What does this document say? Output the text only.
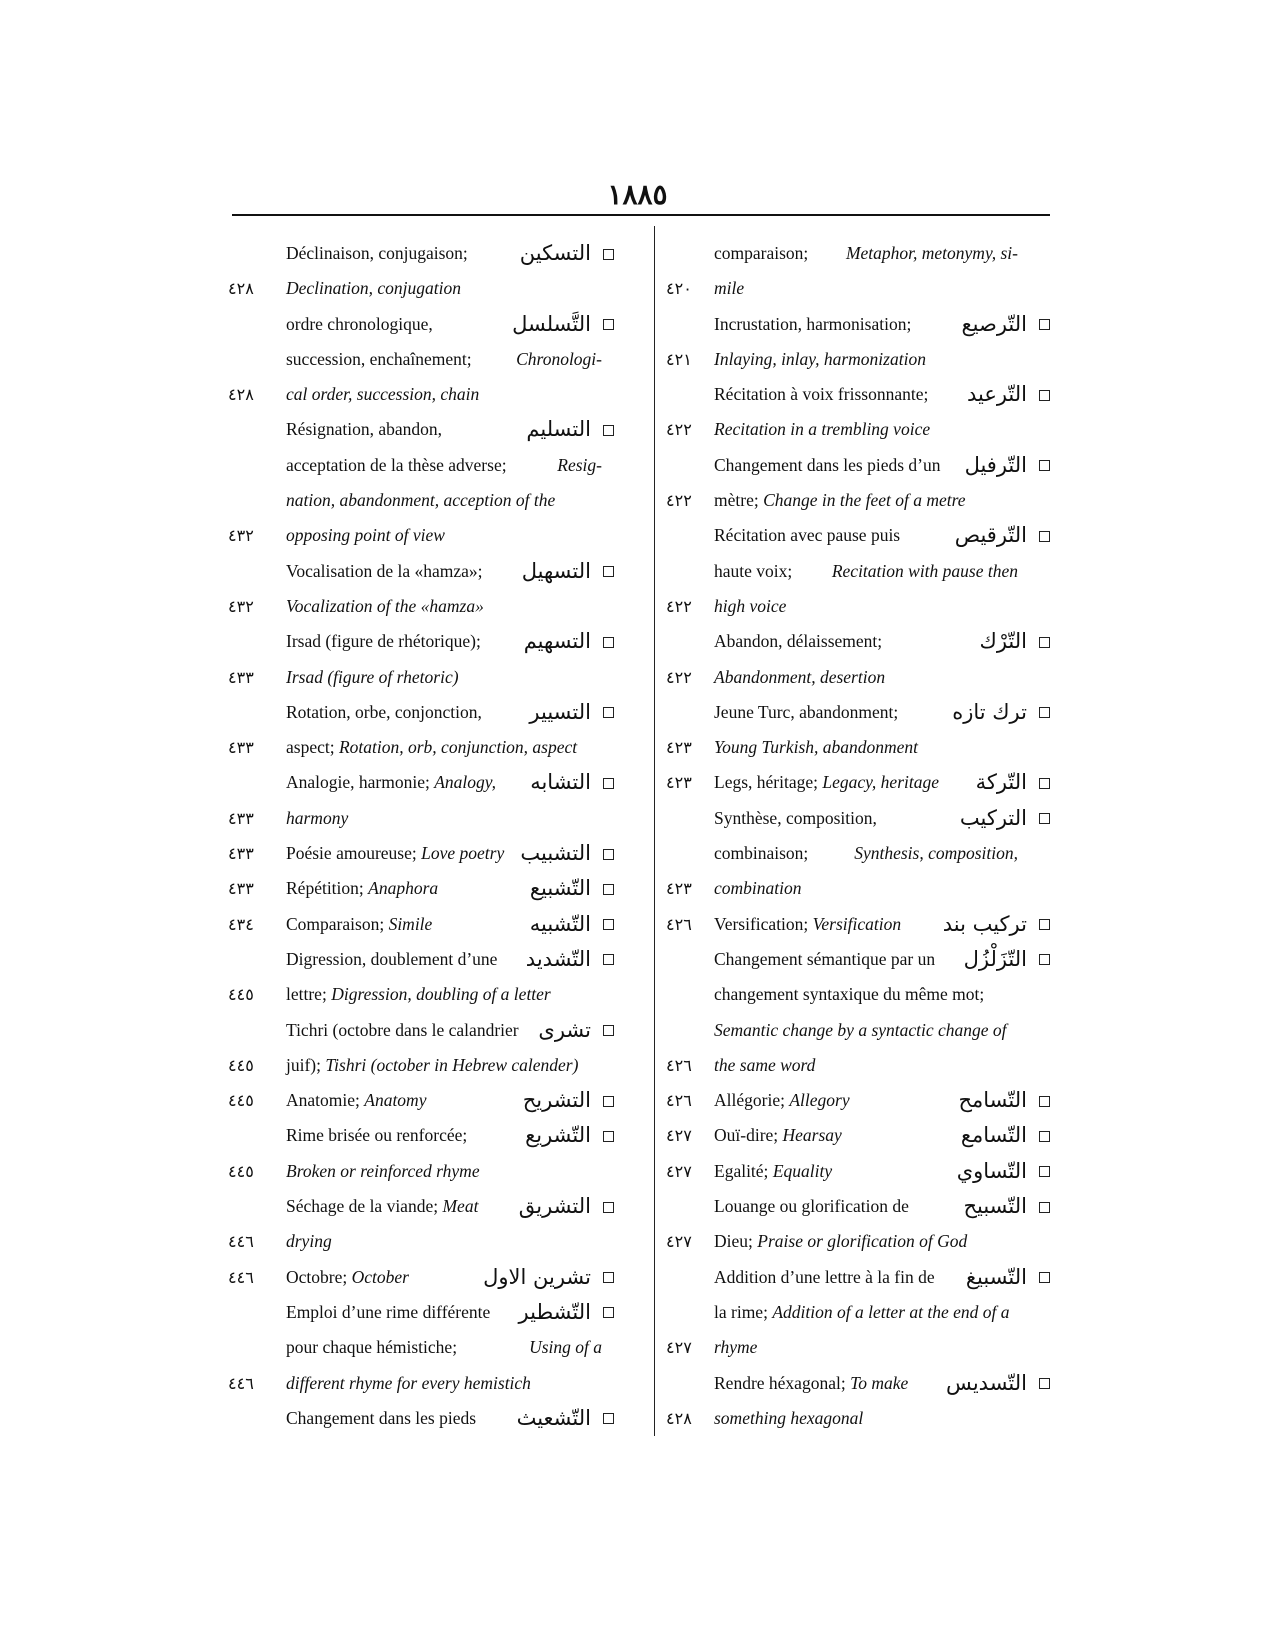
١٨٨٥
Déclinaison, conjugaison; التسكين
٤٢٨	Declination, conjugation
ordre chronologique,	التَّسلسل
succession, enchaînement;	Chronologi-
٤٢٨	cal order, succession, chain
Résignation, abandon,	التسليم
acceptation de la thèse adverse;	Resig-
nation, abandonment, acception of the
٤٣٢	opposing point of view
Vocalisation de la «hamza»; التسهيل
٤٣٢	Vocalization of the «hamza»
Irsad (figure de rhétorique); التسهيم
٤٣٣	Irsad (figure of rhetoric)
Rotation, orbe, conjonction, التسيير
٤٣٣	aspect; Rotation, orb, conjunction, aspect
Analogie, harmonie; Analogy, التشابه
٤٣٣	harmony
٤٣٣	Poésie amoureuse; Love poetry التشبيب
٤٣٣	Répétition; Anaphora	التّشبيع
٤٣٤	Comparaison; Simile	التّشبيه
Digression, doublement d’une التّشديد
٤٤٥	lettre; Digression, doubling of a letter
Tichri (octobre dans le calandrier تشرى
٤٤٥	juif); Tishri (october in Hebrew calender)
٤٤٥	Anatomie; Anatomy	التشريح
Rime brisée ou renforcée;	التّشريع
٤٤٥	Broken or reinforced rhyme
Séchage de la viande; Meat التشريق
٤٤٦	drying
٤٤٦	Octobre; October	تشرين الاول
Emploi d’une rime différente التّشطير
pour chaque hémistiche;	Using of a
٤٤٦	different rhyme for every hemistich
Changement dans les pieds التّشعيث
comparaison; Metaphor, metonymy, si-
٤٢٠	mile
Incrustation, harmonisation; التّرصيع
٤٢١	Inlaying, inlay, harmonization
Récitation à voix frissonnante; التّرعيد
٤٢٢	Recitation in a trembling voice
Changement dans les pieds d’un التّرفيل
٤٢٢	mètre; Change in the feet of a metre
Récitation avec pause puis	التّرقيص
haute voix; Recitation with pause then
٤٢٢	high voice
Abandon, délaissement;	التّرْك
٤٢٢	Abandonment, desertion
Jeune Turc, abandonment;	ترك تازه
٤٢٣	Young Turkish, abandonment
٤٢٣	Legs, héritage; Legacy, heritage التّركة
Synthèse, composition,	التركيب
combinaison;	Synthesis, composition,
٤٢٣	combination
٤٢٦	Versification; Versification تركيب بند
Changement sémantique par un التّزَلْزُل
changement syntaxique du même mot;
Semantic change by a syntactic change of
٤٢٦	the same word
٤٢٦	Allégorie; Allegory	التّسامح
٤٢٧	Ouï-dire; Hearsay	التّسامع
٤٢٧	Egalité; Equality	التّساوي
Louange ou glorification de	التّسبيح
٤٢٧	Dieu; Praise or glorification of God
Addition d’une lettre à la fin de التّسبيغ
la rime; Addition of a letter at the end of a
٤٢٧	rhyme
Rendre héxagonal; To make التّسديس
٤٢٨	something hexagonal
